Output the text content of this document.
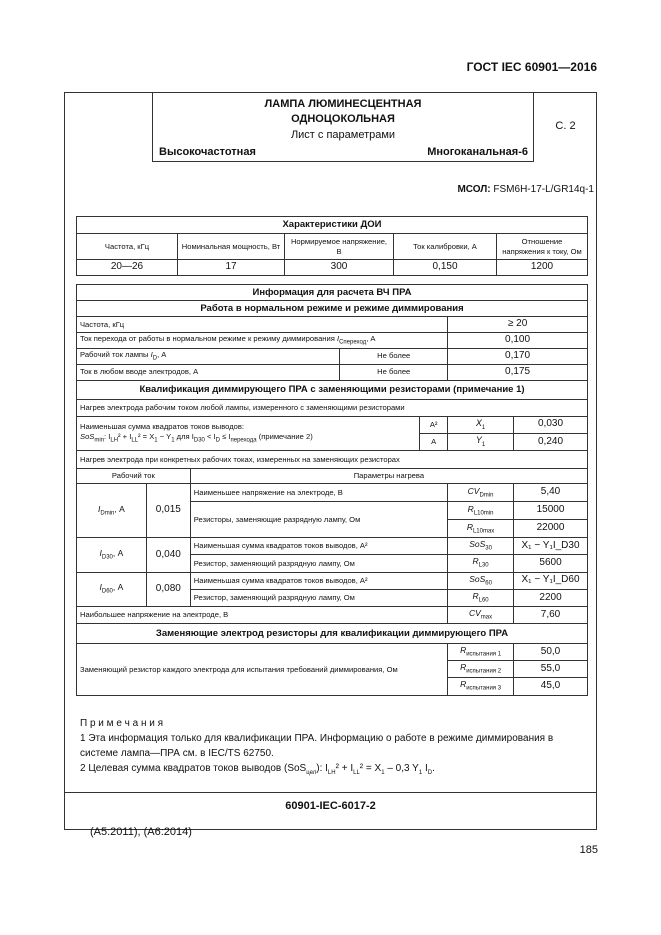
ГОСТ IEC 60901—2016
ЛАМПА ЛЮМИНЕСЦЕНТНАЯ
ОДНОЦОКОЛЬНАЯ
Лист с параметрами
Высокочастотная	Многоканальная-6
С. 2
МСОЛ: FSM6H-17-L/GR14q-1
Характеристики ДОИ				
Частота, кГц	Номинальная мощность, Вт	Нормируемое напряжение, В	Ток калибровки, А	Отношение напряжения к току, Ом
20—26	17	300	0,150	1200
Информация для расчета ВЧ ПРА						
Работа в нормальном режиме и режиме диммирования						
Частота, кГц					≥ 20	
Ток перехода от работы в нормальном режиме к режиму диммирования $I_{Cпереход}$, А					0,100	
Рабочий ток лампы $I_D$, А			Не более		0,170	
Ток в любом вводе электродов, А			Не более		0,175	
Квалификация диммирующего ПРА с заменяющими резисторами (примечание 1)						
Нагрев электрода рабочим током любой лампы, измеренного с заменяющими резисторами						

Наименьшая сумма квадратов токов выводов:
SoS$_{min}$: $I_{LH}^2 + I_{LL}^2 = X_1 - Y_1$ для $I_{D30} < I_D \le I_{перехода}$ (примечание 2)				А²	$X_1$	0,030
				А	$Y_1$	0,240
Нагрев электрода при конкретных рабочих токах, измеренных на заменяющих резисторах						
Рабочий ток		Параметры нагрева				
$I_{Dmin}$, А	0,015	Наименьшее напряжение на электроде, В			$CV_{Dmin}$	5,40
		Резисторы, заменяющие разрядную лампу, Ом			$R_{L10min}$	15000
					$R_{L10max}$	22000
$I_{D30}$, А	0,040	Наименьшая сумма квадратов токов выводов, А²			SoS$_{30}$	X₁ − Y₁I_D30
		Резистор, заменяющий разрядную лампу, Ом			$R_{L30}$	5600
$I_{D60}$, А	0,080	Наименьшая сумма квадратов токов выводов, А²			SoS$_{60}$	X₁ − Y₁I_D60
		Резистор, заменяющий разрядную лампу, Ом			$R_{L60}$	2200
Наибольшее напряжение на электроде, В					$CV_{max}$	7,60
Заменяющие электрод резисторы для квалификации диммирующего ПРА						
Заменяющий резистор каждого электрода для испытания требований диммирования, Ом					$R_{испытания 1}$	50,0
					$R_{испытания 2}$	55,0
					$R_{испытания 3}$	45,0
П р и м е ч а н и я
1 Эта информация только для квалификации ПРА. Информацию о работе в режиме диммирования в системе лампа—ПРА см. в IEC/TS 62750.
2 Целевая сумма квадратов токов выводов (SoS$_{цел}$): $I_{LH}^2 + I_{LL}^2 = X_1 - 0,3$ $Y_1$ $I_D$.
60901-IEC-6017-2
(A5:2011), (A6:2014)
185
